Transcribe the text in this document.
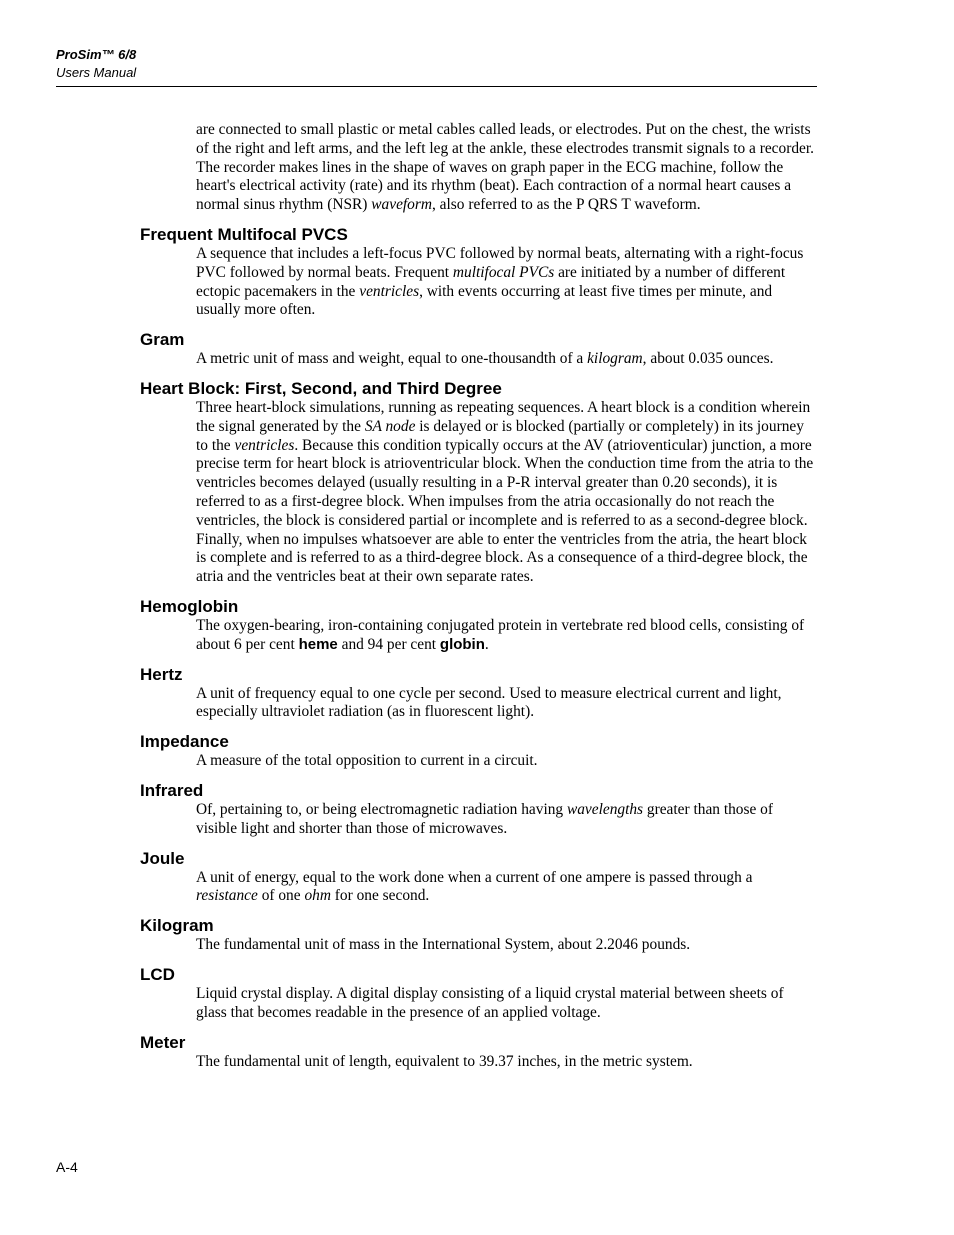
ProSim™ 6/8
Users Manual
are connected to small plastic or metal cables called leads, or electrodes. Put on the chest, the wrists of the right and left arms, and the left leg at the ankle, these electrodes transmit signals to a recorder. The recorder makes lines in the shape of waves on graph paper in the ECG machine, follow the heart's electrical activity (rate) and its rhythm (beat). Each contraction of a normal heart causes a normal sinus rhythm (NSR) waveform, also referred to as the P QRS T waveform.
Frequent Multifocal PVCS
A sequence that includes a left-focus PVC followed by normal beats, alternating with a right-focus PVC followed by normal beats. Frequent multifocal PVCs are initiated by a number of different ectopic pacemakers in the ventricles, with events occurring at least five times per minute, and usually more often.
Gram
A metric unit of mass and weight, equal to one-thousandth of a kilogram, about 0.035 ounces.
Heart Block: First, Second, and Third Degree
Three heart-block simulations, running as repeating sequences. A heart block is a condition wherein the signal generated by the SA node is delayed or is blocked (partially or completely) in its journey to the ventricles. Because this condition typically occurs at the AV (atrioventicular) junction, a more precise term for heart block is atrioventricular block. When the conduction time from the atria to the ventricles becomes delayed (usually resulting in a P-R interval greater than 0.20 seconds), it is referred to as a first-degree block. When impulses from the atria occasionally do not reach the ventricles, the block is considered partial or incomplete and is referred to as a second-degree block. Finally, when no impulses whatsoever are able to enter the ventricles from the atria, the heart block is complete and is referred to as a third-degree block. As a consequence of a third-degree block, the atria and the ventricles beat at their own separate rates.
Hemoglobin
The oxygen-bearing, iron-containing conjugated protein in vertebrate red blood cells, consisting of about 6 per cent heme and 94 per cent globin.
Hertz
A unit of frequency equal to one cycle per second. Used to measure electrical current and light, especially ultraviolet radiation (as in fluorescent light).
Impedance
A measure of the total opposition to current in a circuit.
Infrared
Of, pertaining to, or being electromagnetic radiation having wavelengths greater than those of visible light and shorter than those of microwaves.
Joule
A unit of energy, equal to the work done when a current of one ampere is passed through a resistance of one ohm for one second.
Kilogram
The fundamental unit of mass in the International System, about 2.2046 pounds.
LCD
Liquid crystal display. A digital display consisting of a liquid crystal material between sheets of glass that becomes readable in the presence of an applied voltage.
Meter
The fundamental unit of length, equivalent to 39.37 inches, in the metric system.
A-4
